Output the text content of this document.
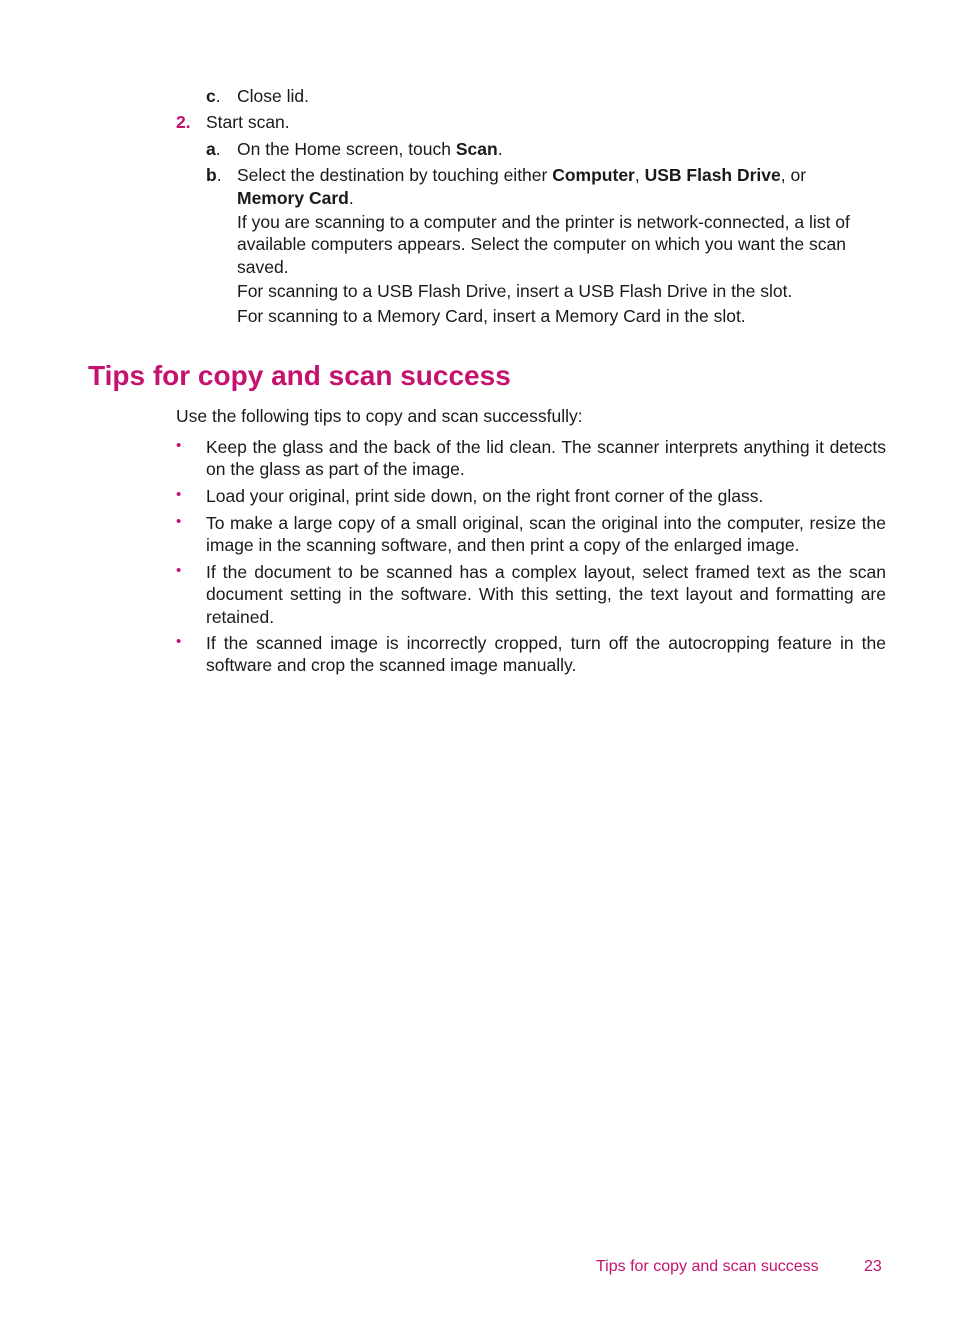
c. Close lid.
2. Start scan.
a. On the Home screen, touch Scan.
b. Select the destination by touching either Computer, USB Flash Drive, or
Memory Card.
If you are scanning to a computer and the printer is network-connected, a list of
available computers appears. Select the computer on which you want the scan
saved.
For scanning to a USB Flash Drive, insert a USB Flash Drive in the slot.
For scanning to a Memory Card, insert a Memory Card in the slot.
Tips for copy and scan success
Use the following tips to copy and scan successfully:
• Keep the glass and the back of the lid clean. The scanner interprets anything it detects on the glass as part of the image.
• Load your original, print side down, on the right front corner of the glass.
• To make a large copy of a small original, scan the original into the computer, resize the image in the scanning software, and then print a copy of the enlarged image.
• If the document to be scanned has a complex layout, select framed text as the scan document setting in the software. With this setting, the text layout and formatting are retained.
• If the scanned image is incorrectly cropped, turn off the autocropping feature in the software and crop the scanned image manually.
Tips for copy and scan success	23
